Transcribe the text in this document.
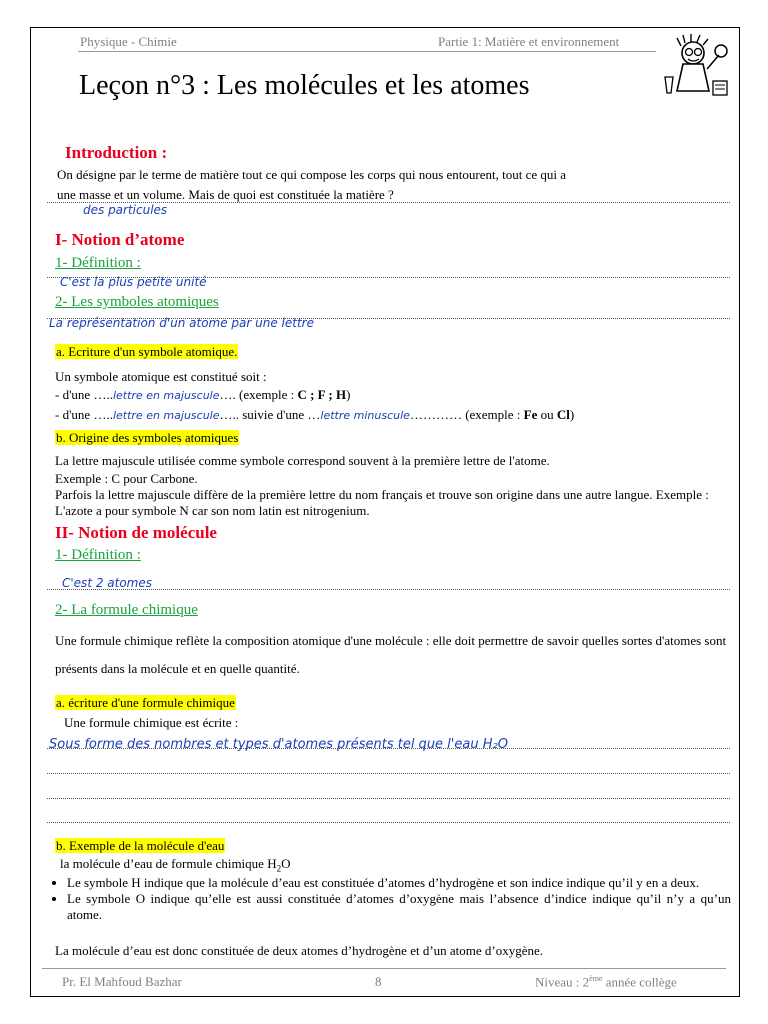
Physique - Chimie	Partie 1: Matière et environnement
Leçon n°3 : Les molécules et les atomes
Introduction :
On désigne par le terme de matière tout ce qui compose les corps qui nous entourent, tout ce qui a
une masse et un volume. Mais de quoi est constituée la matière ?
des particules
I- Notion d’atome
1- Définition :
C'est la plus petite unité
2- Les symboles atomiques
La représentation d'un atome par une lettre
a. Ecriture d'un symbole atomique.
Un symbole atomique est constitué soit :
- d'une …..lettre en majuscule…. (exemple : C ; F ; H)
- d'une …..lettre en majuscule….. suivie d'une …lettre minuscule………… (exemple : Fe ou Cl)
b. Origine des symboles atomiques
La lettre majuscule utilisée comme symbole correspond souvent à la première lettre de l'atome.
Exemple : C pour Carbone.
Parfois la lettre majuscule diffère de la première lettre du nom français et trouve son origine dans une autre langue. Exemple : L'azote a pour symbole N car son nom latin est nitrogenium.
II- Notion de molécule
1- Définition :
C'est 2 atomes
2- La formule chimique
Une formule chimique reflète la composition atomique d'une molécule : elle doit permettre de savoir quelles sortes d'atomes sont présents dans la molécule et en quelle quantité.
a. écriture d'une formule chimique
Une formule chimique est écrite :
Sous forme des nombres et types d'atomes présents tel que l'eau H₂O
b. Exemple de la molécule d'eau
la molécule d’eau de formule chimique $H_2O$
• Le symbole H indique que la molécule d’eau est constituée d’atomes d’hydrogène et son indice indique qu’il y en a deux.
• Le symbole O indique qu’elle est aussi constituée d’atomes d’oxygène mais l’absence d’indice indique qu’il n’y a qu’un atome.
La molécule d’eau est donc constituée de deux atomes d’hydrogène et d’un atome d’oxygène.
Pr. El Mahfoud Bazhar	8	Niveau : 2ème année collège
